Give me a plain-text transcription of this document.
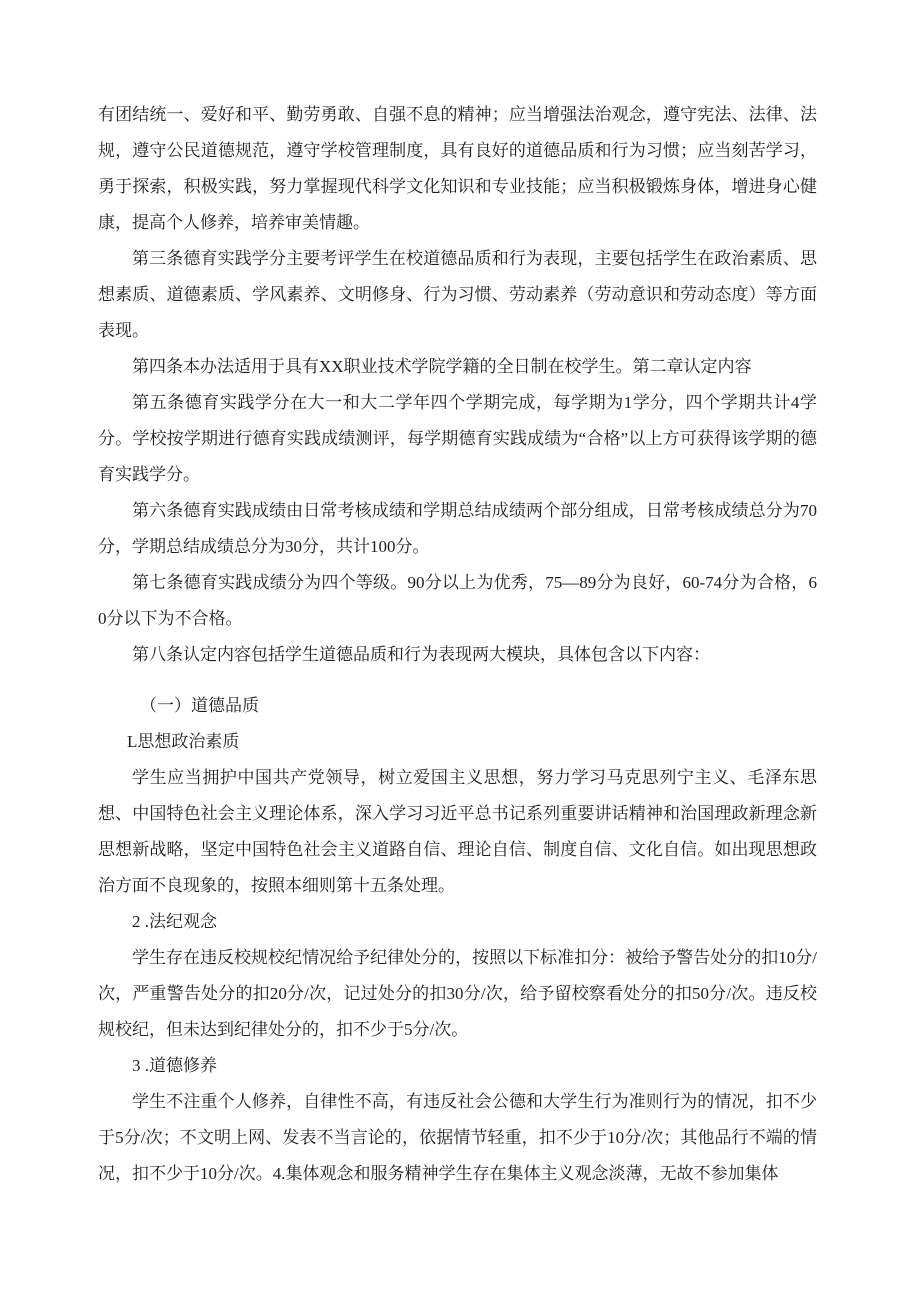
有团结统一、爱好和平、勤劳勇敢、自强不息的精神；应当增强法治观念，遵守宪法、法律、法规，遵守公民道德规范，遵守学校管理制度，具有良好的道德品质和行为习惯；应当刻苦学习，勇于探索，积极实践，努力掌握现代科学文化知识和专业技能；应当积极锻炼身体，增进身心健康，提高个人修养，培养审美情趣。

第三条德育实践学分主要考评学生在校道德品质和行为表现，主要包括学生在政治素质、思想素质、道德素质、学风素养、文明修身、行为习惯、劳动素养（劳动意识和劳动态度）等方面表现。

第四条本办法适用于具有XX职业技术学院学籍的全日制在校学生。第二章认定内容

第五条德育实践学分在大一和大二学年四个学期完成，每学期为1学分，四个学期共计4学分。学校按学期进行德育实践成绩测评，每学期德育实践成绩为“合格”以上方可获得该学期的德育实践学分。

第六条德育实践成绩由日常考核成绩和学期总结成绩两个部分组成，日常考核成绩总分为70分，学期总结成绩总分为30分，共计100分。

第七条德育实践成绩分为四个等级。90分以上为优秀，75—89分为良好，60-74分为合格，60分以下为不合格。

第八条认定内容包括学生道德品质和行为表现两大模块，具体包含以下内容：

（一）道德品质

L思想政治素质

学生应当拥护中国共产党领导，树立爱国主义思想，努力学习马克思列宁主义、毛泽东思想、中国特色社会主义理论体系，深入学习习近平总书记系列重要讲话精神和治国理政新理念新思想新战略，坚定中国特色社会主义道路自信、理论自信、制度自信、文化自信。如出现思想政治方面不良现象的，按照本细则第十五条处理。

2 .法纪观念

学生存在违反校规校纪情况给予纪律处分的，按照以下标准扣分：被给予警告处分的扣10分/次，严重警告处分的扣20分/次，记过处分的扣30分/次，给予留校察看处分的扣50分/次。违反校规校纪，但未达到纪律处分的，扣不少于5分/次。

3 .道德修养

学生不注重个人修养，自律性不高，有违反社会公德和大学生行为准则行为的情况，扣不少于5分/次；不文明上网、发表不当言论的，依据情节轻重，扣不少于10分/次；其他品行不端的情况，扣不少于10分/次。4.集体观念和服务精神学生存在集体主义观念淡薄，无故不参加集体
